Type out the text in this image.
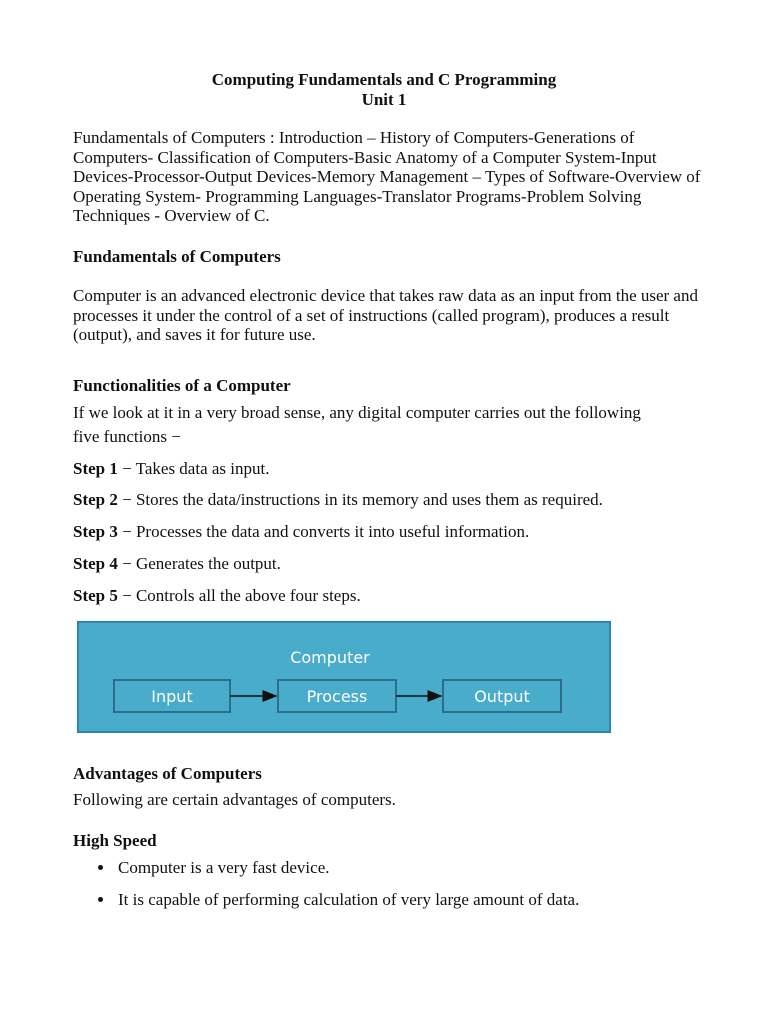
Computing Fundamentals and C Programming

Unit 1

Fundamentals of Computers : Introduction – History of Computers-Generations of Computers- Classification of Computers-Basic Anatomy of a Computer System-Input Devices-Processor-Output Devices-Memory Management – Types of Software-Overview of Operating System- Programming Languages-Translator Programs-Problem Solving Techniques - Overview of C.

Fundamentals of Computers

Computer is an advanced electronic device that takes raw data as an input from the user and processes it under the control of a set of instructions (called program), produces a result (output), and saves it for future use.

Functionalities of a Computer

If we look at it in a very broad sense, any digital computer carries out the following

five functions −

Step 1 − Takes data as input.

Step 2 − Stores the data/instructions in its memory and uses them as required.

Step 3 − Processes the data and converts it into useful information.

Step 4 − Generates the output.

Step 5 − Controls all the above four steps.

Computer
Input	Process	Output

Advantages of Computers

Following are certain advantages of computers.

High Speed

Computer is a very fast device.
It is capable of performing calculation of very large amount of data.
